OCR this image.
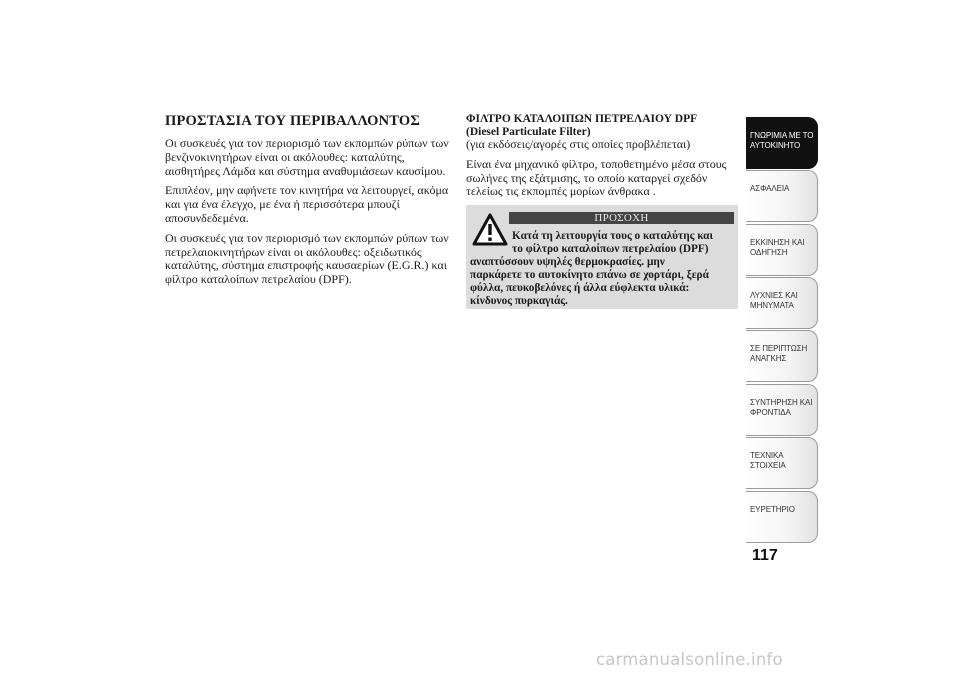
ΠΡΟΣΤΑΣΙΑ ΤΟΥ ΠΕΡΙΒΑΛΛΟΝΤΟΣ

Οι συσκευές για τον περιορισμό των εκπομπών ρύπων των βενζινοκινητήρων είναι οι ακόλουθες: καταλύτης, αισθητήρες Λάμδα και σύστημα αναθυμιάσεων καυσίμου.

Επιπλέον, μην αφήνετε τον κινητήρα να λειτουργεί, ακόμα και για ένα έλεγχο, με ένα ή περισσότερα μπουζί αποσυνδεδεμένα.

Οι συσκευές για τον περιορισμό των εκπομπών ρύπων των πετρελαιοκινητήρων είναι οι ακόλουθες: οξειδωτικός καταλύτης, σύστημα επιστροφής καυσαερίων (E.G.R.) και φίλτρο καταλοίπων πετρελαίου (DPF).

ΦΙΛΤΡΟ ΚΑΤΑΛΟΙΠΩΝ ΠΕΤΡΕΛΑΙΟΥ DPF
(Diesel Particulate Filter)

(για εκδόσεις/αγορές στις οποίες προβλέπεται)

Είναι ένα μηχανικό φίλτρο, τοποθετημένο μέσα στους σωλήνες της εξάτμισης, το οποίο καταργεί σχεδόν τελείως τις εκπομπές μορίων άνθρακα .

ΠΡΟΣΟΧΗ
Κατά τη λειτουργία τους ο καταλύτης και
το φίλτρο καταλοίπων πετρελαίου (DPF)
αναπτύσσουν υψηλές θερμοκρασίες. μην
παρκάρετε το αυτοκίνητο επάνω σε χορτάρι, ξερά
φύλλα, πευκοβελόνες ή άλλα εύφλεκτα υλικά:
κίνδυνος πυρκαγιάς.
ΓΝΩΡΙΜΙΑ ΜΕ ΤΟ
ΑΥΤΟΚΙΝΗΤΟ
ΑΣΦΑΛΕΙΑ
ΕΚΚΙΝΗΣΗ ΚΑΙ
ΟΔΗΓΗΣΗ
ΛΥΧΝΙΕΣ ΚΑΙ
ΜΗΝΥΜΑΤΑ
ΣΕ ΠΕΡΙΠΤΩΣΗ
ΑΝΑΓΚΗΣ
ΣΥΝΤΗΡΗΣΗ ΚΑΙ
ΦΡΟΝΤΙΔΑ
ΤΕΧΝΙΚΑ ΣΤΟΙΧΕΙΑ
ΕΥΡΕΤΗΡΙΟ
117
carmanualsonline.info
